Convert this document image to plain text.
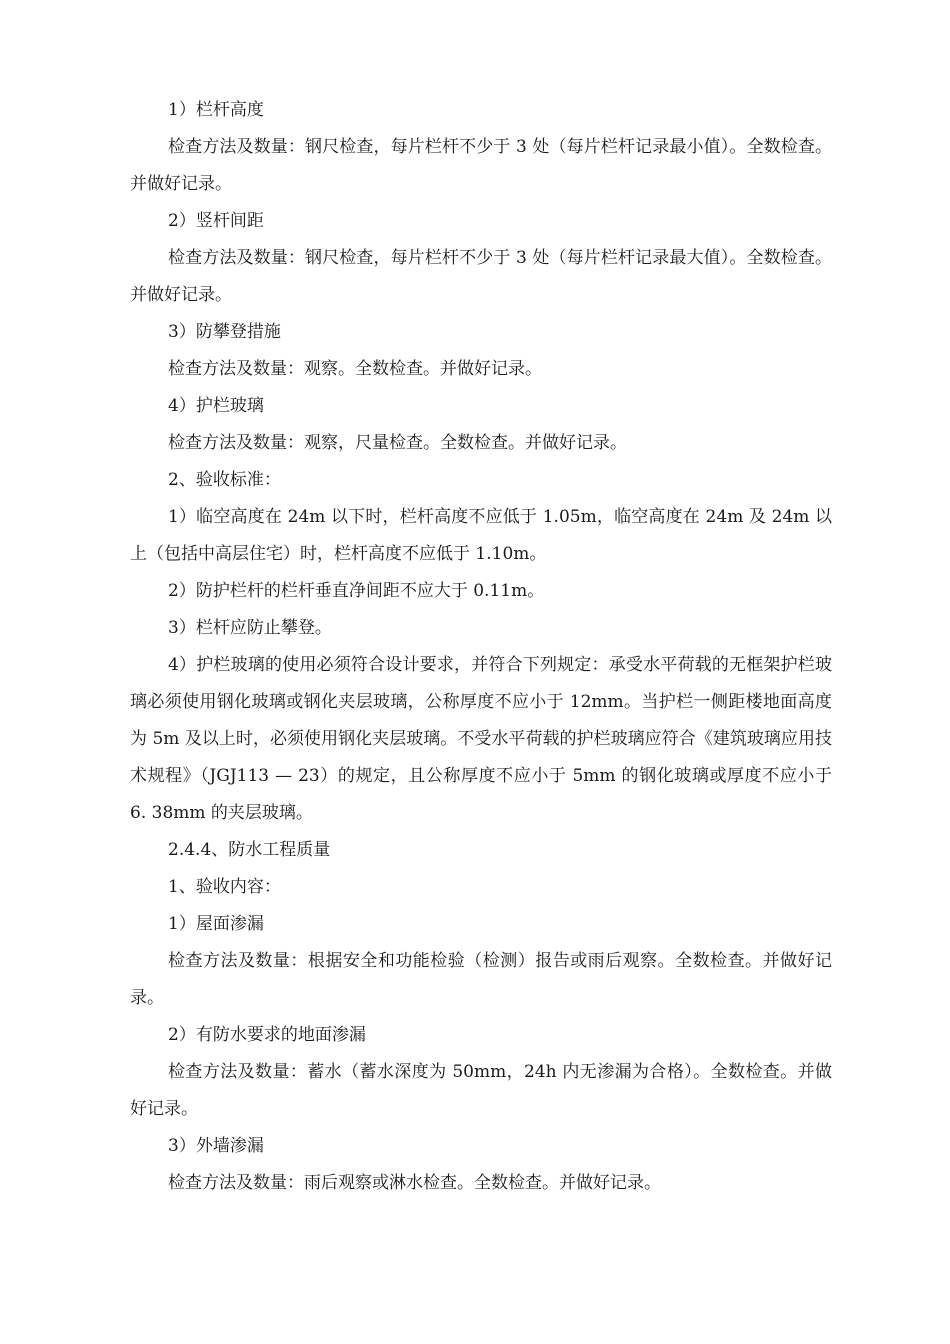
1）栏杆高度

检查方法及数量：钢尺检查，每片栏杆不少于 3 处（每片栏杆记录最小值）。全数检查。并做好记录。

2）竖杆间距

检查方法及数量：钢尺检查，每片栏杆不少于 3 处（每片栏杆记录最大值）。全数检查。并做好记录。

3）防攀登措施

检查方法及数量：观察。全数检查。并做好记录。

4）护栏玻璃

检查方法及数量：观察，尺量检查。全数检查。并做好记录。

2、验收标准：

1）临空高度在 24m 以下时，栏杆高度不应低于 1.05m，临空高度在 24m 及 24m 以上（包括中高层住宅）时，栏杆高度不应低于 1.10m。

2）防护栏杆的栏杆垂直净间距不应大于 0.11m。

3）栏杆应防止攀登。

4）护栏玻璃的使用必须符合设计要求，并符合下列规定：承受水平荷载的无框架护栏玻璃必须使用钢化玻璃或钢化夹层玻璃，公称厚度不应小于 12mm。当护栏一侧距楼地面高度为 5m 及以上时，必须使用钢化夹层玻璃。不受水平荷载的护栏玻璃应符合《建筑玻璃应用技术规程》（JGJ113 — 23）的规定，且公称厚度不应小于 5mm 的钢化玻璃或厚度不应小于 6. 38mm 的夹层玻璃。

2.4.4、防水工程质量

1、验收内容：

1）屋面渗漏

检查方法及数量：根据安全和功能检验（检测）报告或雨后观察。全数检查。并做好记录。

2）有防水要求的地面渗漏

检查方法及数量：蓄水（蓄水深度为 50mm，24h 内无渗漏为合格）。全数检查。并做好记录。

3）外墙渗漏

检查方法及数量：雨后观察或淋水检查。全数检查。并做好记录。
